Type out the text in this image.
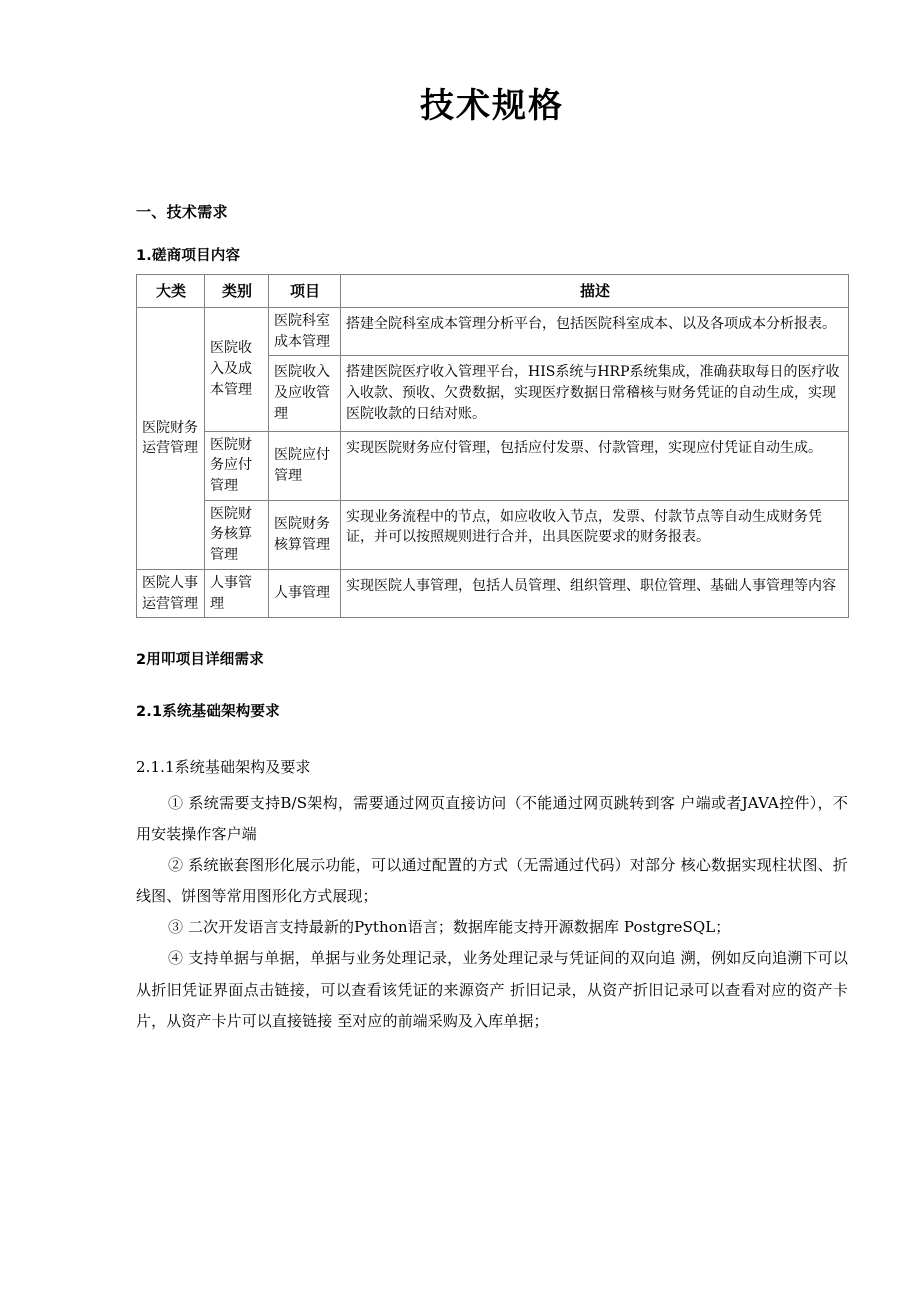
技术规格
一、技术需求
1.磋商项目内容
大类	类别	项目	描述
医院财务运营管理	医院收入及成本管理	医院科室成本管理	搭建全院科室成本管理分析平台，包括医院科室成本、以及各项成本分析报表。
		医院收入及应收管理	搭建医院医疗收入管理平台，HIS系统与HRP系统集成，准确获取每日的医疗收入收款、预收、欠费数据，实现医疗数据日常稽核与财务凭证的自动生成，实现医院收款的日结对账。
	医院财务应付管理	医院应付管理	实现医院财务应付管理，包括应付发票、付款管理，实现应付凭证自动生成。
	医院财务核算管理	医院财务核算管理	实现业务流程中的节点，如应收收入节点，发票、付款节点等自动生成财务凭证，并可以按照规则进行合并，出具医院要求的财务报表。
医院人事运营管理	人事管理	人事管理	实现医院人事管理，包括人员管理、组织管理、职位管理、基础人事管理等内容
2用叩项目详细需求
2.1系统基础架构要求
2.1.1系统基础架构及要求

① 系统需要支持B/S架构，需要通过网页直接访问（不能通过网页跳转到客 户端或者JAVA控件），不用安装操作客户端

② 系统嵌套图形化展示功能，可以通过配置的方式（无需通过代码）对部分 核心数据实现柱状图、折线图、饼图等常用图形化方式展现；

③ 二次开发语言支持最新的Python语言；数据库能支持开源数据库 PostgreSQL；

④ 支持单据与单据，单据与业务处理记录，业务处理记录与凭证间的双向追 溯，例如反向追溯下可以从折旧凭证界面点击链接，可以查看该凭证的来源资产 折旧记录，从资产折旧记录可以查看对应的资产卡片，从资产卡片可以直接链接 至对应的前端采购及入库单据；
